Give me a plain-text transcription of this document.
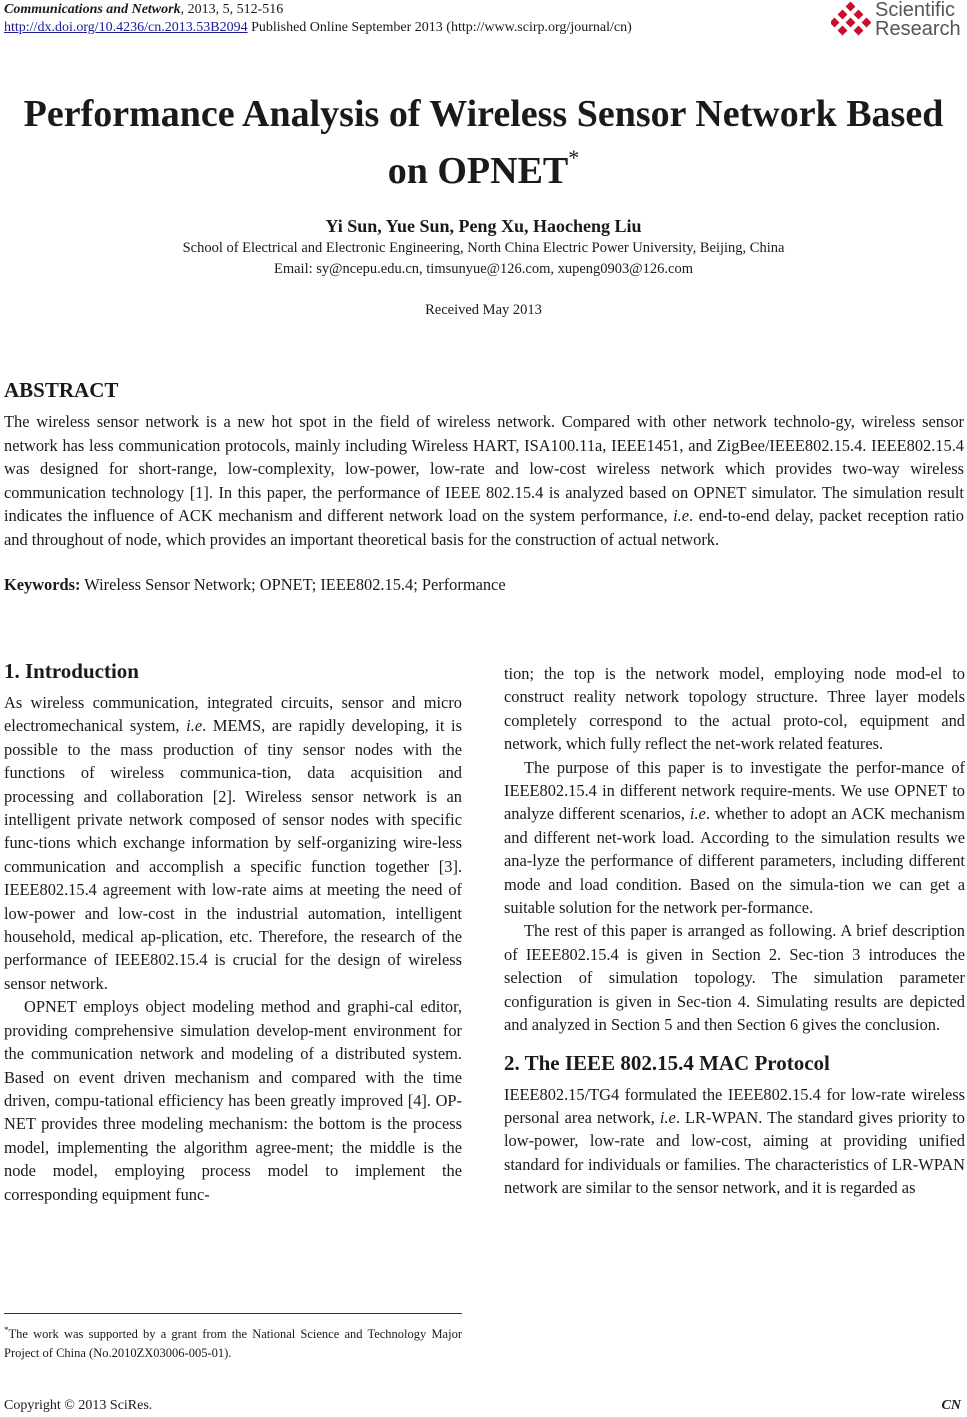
Communications and Network, 2013, 5, 512-516
http://dx.doi.org/10.4236/cn.2013.53B2094 Published Online September 2013 (http://www.scirp.org/journal/cn)
Scientific
Research
Performance Analysis of Wireless Sensor Network Based
on OPNET*
Yi Sun, Yue Sun, Peng Xu, Haocheng Liu
School of Electrical and Electronic Engineering, North China Electric Power University, Beijing, China
Email: sy@ncepu.edu.cn, timsunyue@126.com, xupeng0903@126.com
Received May 2013
ABSTRACT
The wireless sensor network is a new hot spot in the field of wireless network. Compared with other network technolo-gy, wireless sensor network has less communication protocols, mainly including Wireless HART, ISA100.11a, IEEE1451, and ZigBee/IEEE802.15.4. IEEE802.15.4 was designed for short-range, low-complexity, low-power, low-rate and low-cost wireless network which provides two-way wireless communication technology [1]. In this paper, the performance of IEEE 802.15.4 is analyzed based on OPNET simulator. The simulation result indicates the influence of ACK mechanism and different network load on the system performance, i.e. end-to-end delay, packet reception ratio and throughout of node, which provides an important theoretical basis for the construction of actual network.
Keywords: Wireless Sensor Network; OPNET; IEEE802.15.4; Performance
1. Introduction

As wireless communication, integrated circuits, sensor and micro electromechanical system, i.e. MEMS, are rapidly developing, it is possible to the mass production of tiny sensor nodes with the functions of wireless communica-tion, data acquisition and processing and collaboration [2]. Wireless sensor network is an intelligent private network composed of sensor nodes with specific func-tions which exchange information by self-organizing wire-less communication and accomplish a specific function together [3]. IEEE802.15.4 agreement with low-rate aims at meeting the need of low-power and low-cost in the industrial automation, intelligent household, medical ap-plication, etc. Therefore, the research of the performance of IEEE802.15.4 is crucial for the design of wireless sensor network.

OPNET employs object modeling method and graphi-cal editor, providing comprehensive simulation develop-ment environment for the communication network and modeling of a distributed system. Based on event driven mechanism and compared with the time driven, compu-tational efficiency has been greatly improved [4]. OP-NET provides three modeling mechanism: the bottom is the process model, implementing the algorithm agree-ment; the middle is the node model, employing process model to implement the corresponding equipment func-

*The work was supported by a grant from the National Science and Technology Major Project of China (No.2010ZX03006-005-01).

tion; the top is the network model, employing node mod-el to construct reality network topology structure. Three layer models completely correspond to the actual proto-col, equipment and network, which fully reflect the net-work related features.

The purpose of this paper is to investigate the perfor-mance of IEEE802.15.4 in different network require-ments. We use OPNET to analyze different scenarios, i.e. whether to adopt an ACK mechanism and different net-work load. According to the simulation results we ana-lyze the performance of different parameters, including different mode and load condition. Based on the simula-tion we can get a suitable solution for the network per-formance.

The rest of this paper is arranged as following. A brief description of IEEE802.15.4 is given in Section 2. Sec-tion 3 introduces the selection of simulation topology. The simulation parameter configuration is given in Sec-tion 4. Simulating results are depicted and analyzed in Section 5 and then Section 6 gives the conclusion.

2. The IEEE 802.15.4 MAC Protocol

IEEE802.15/TG4 formulated the IEEE802.15.4 for low-rate wireless personal area network, i.e. LR-WPAN. The standard gives priority to low-power, low-rate and low-cost, aiming at providing unified standard for individuals or families. The characteristics of LR-WPAN network are similar to the sensor network, and it is regarded as

Copyright © 2013 SciRes.	CN
